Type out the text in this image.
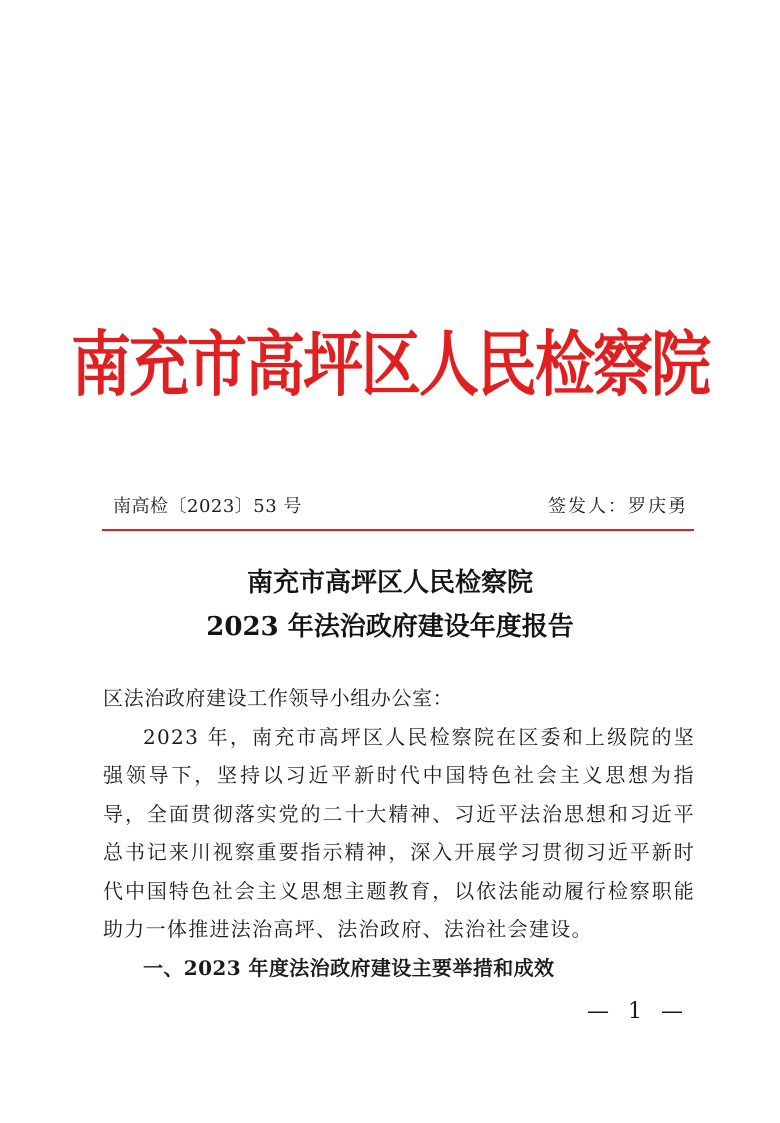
南充市高坪区人民检察院
南高检〔2023〕53 号	签发人：罗庆勇
南充市高坪区人民检察院
2023 年法治政府建设年度报告

区法治政府建设工作领导小组办公室：

2023 年，南充市高坪区人民检察院在区委和上级院的坚强领导下，坚持以习近平新时代中国特色社会主义思想为指导，全面贯彻落实党的二十大精神、习近平法治思想和习近平总书记来川视察重要指示精神，深入开展学习贯彻习近平新时代中国特色社会主义思想主题教育，以依法能动履行检察职能助力一体推进法治高坪、法治政府、法治社会建设。

一、2023 年度法治政府建设主要举措和成效

— 1 —
